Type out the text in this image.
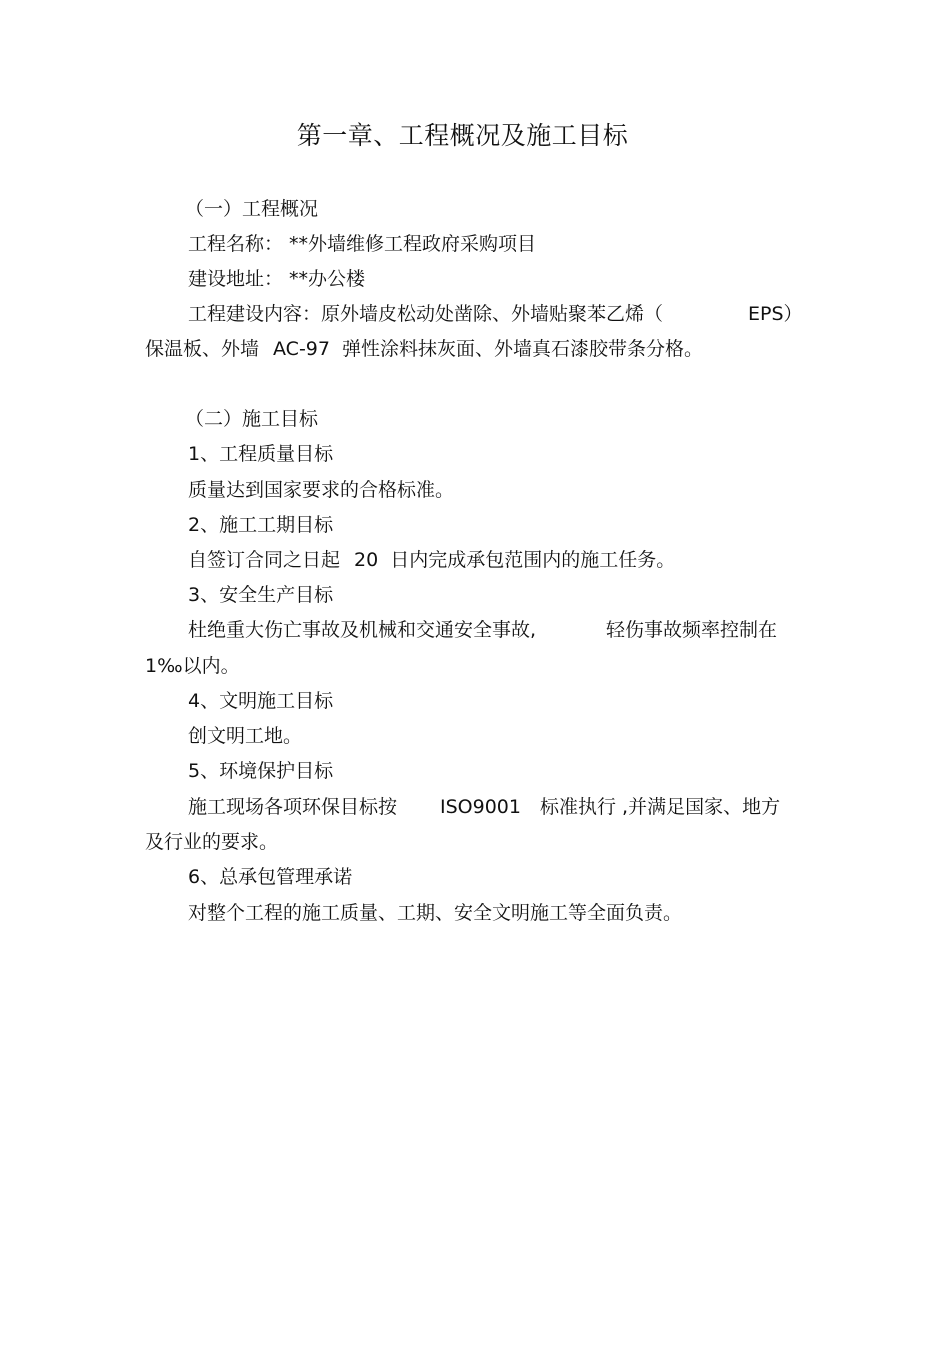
第一章、工程概况及施工目标
（一）工程概况
工程名称： **外墙维修工程政府采购项目
建设地址： **办公楼
工程建设内容：原外墙皮松动处凿除、外墙贴聚苯乙烯（	EPS）
保温板、外墙 AC-97 弹性涂料抹灰面、外墙真石漆胶带条分格。
（二）施工目标
1、工程质量目标
质量达到国家要求的合格标准。
2、施工工期目标
自签订合同之日起 20 日内完成承包范围内的施工任务。
3、安全生产目标
杜绝重大伤亡事故及机械和交通安全事故,	轻伤事故频率控制在
1‰以内。
4、文明施工目标
创文明工地。
5、环境保护目标
施工现场各项环保目标按 ISO9001 标准执行 ,并满足国家、地方
及行业的要求。
6、总承包管理承诺
对整个工程的施工质量、工期、安全文明施工等全面负责。
